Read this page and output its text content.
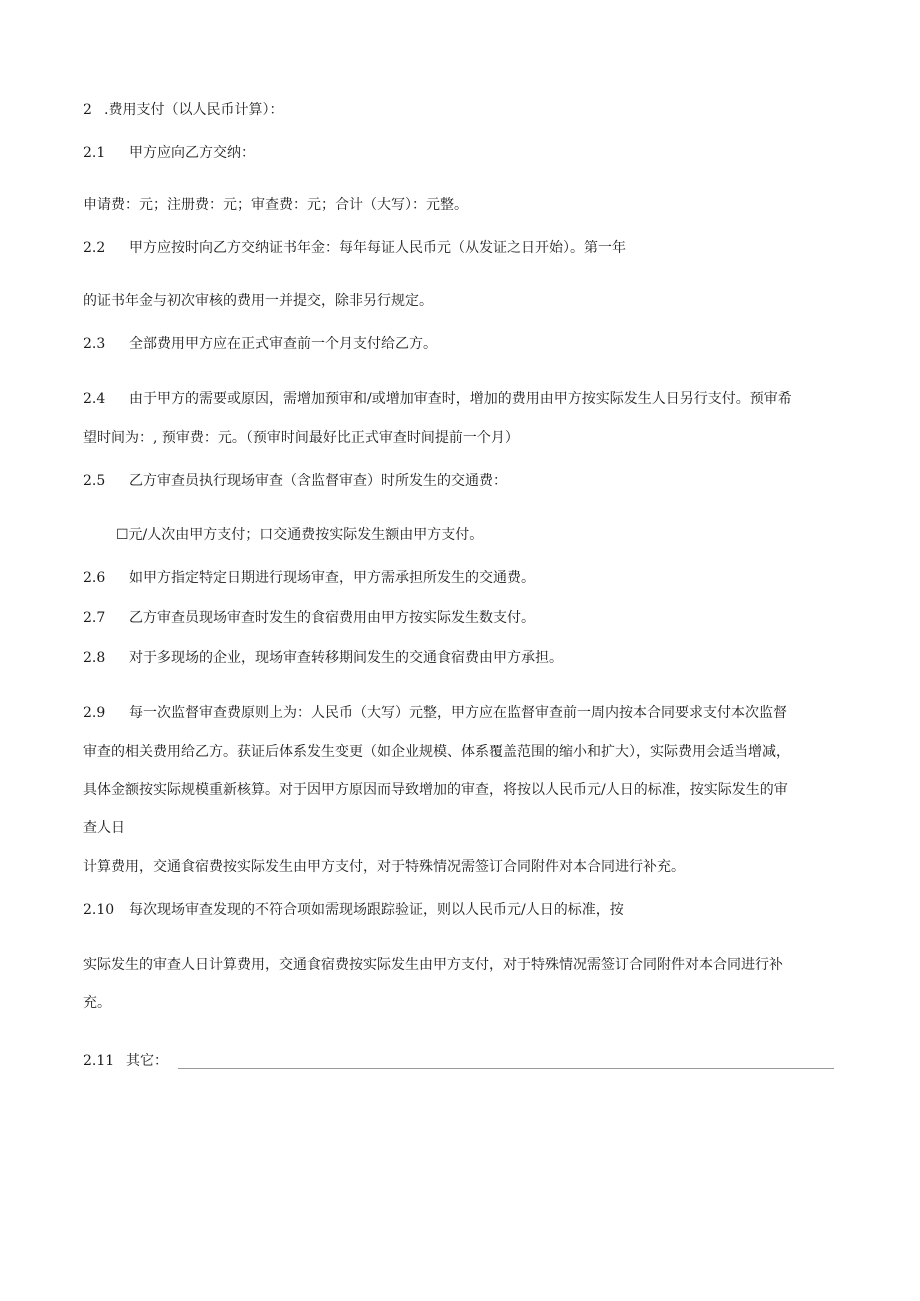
2 .费用支付（以人民币计算）：
2.1 甲方应向乙方交纳：
申请费：元；注册费：元；审查费：元；合计（大写）：元整。
2.2 甲方应按时向乙方交纳证书年金：每年每证人民币元（从发证之日开始）。第一年
的证书年金与初次审核的费用一并提交，除非另行规定。
2.3 全部费用甲方应在正式审查前一个月支付给乙方。
2.4 由于甲方的需要或原因，需增加预审和/或增加审查时，增加的费用由甲方按实际发生人日另行支付。预审希
望时间为：, 预审费：元。（预审时间最好比正式审查时间提前一个月）
2.5 乙方审查员执行现场审查（含监督审查）时所发生的交通费：
☐元/人次由甲方支付；口交通费按实际发生额由甲方支付。
2.6 如甲方指定特定日期进行现场审查，甲方需承担所发生的交通费。
2.7 乙方审查员现场审查时发生的食宿费用由甲方按实际发生数支付。
2.8 对于多现场的企业，现场审查转移期间发生的交通食宿费由甲方承担。
2.9 每一次监督审查费原则上为：人民币（大写）元整，甲方应在监督审查前一周内按本合同要求支付本次监督
审查的相关费用给乙方。获证后体系发生变更（如企业规模、体系覆盖范围的缩小和扩大），实际费用会适当增减，
具体金额按实际规模重新核算。对于因甲方原因而导致增加的审查，将按以人民币元/人日的标准，按实际发生的审
查人日
计算费用，交通食宿费按实际发生由甲方支付，对于特殊情况需签订合同附件对本合同进行补充。
2.10 每次现场审查发现的不符合项如需现场跟踪验证，则以人民币元/人日的标准，按
实际发生的审查人日计算费用，交通食宿费按实际发生由甲方支付，对于特殊情况需签订合同附件对本合同进行补
充。
2.11 其它：
